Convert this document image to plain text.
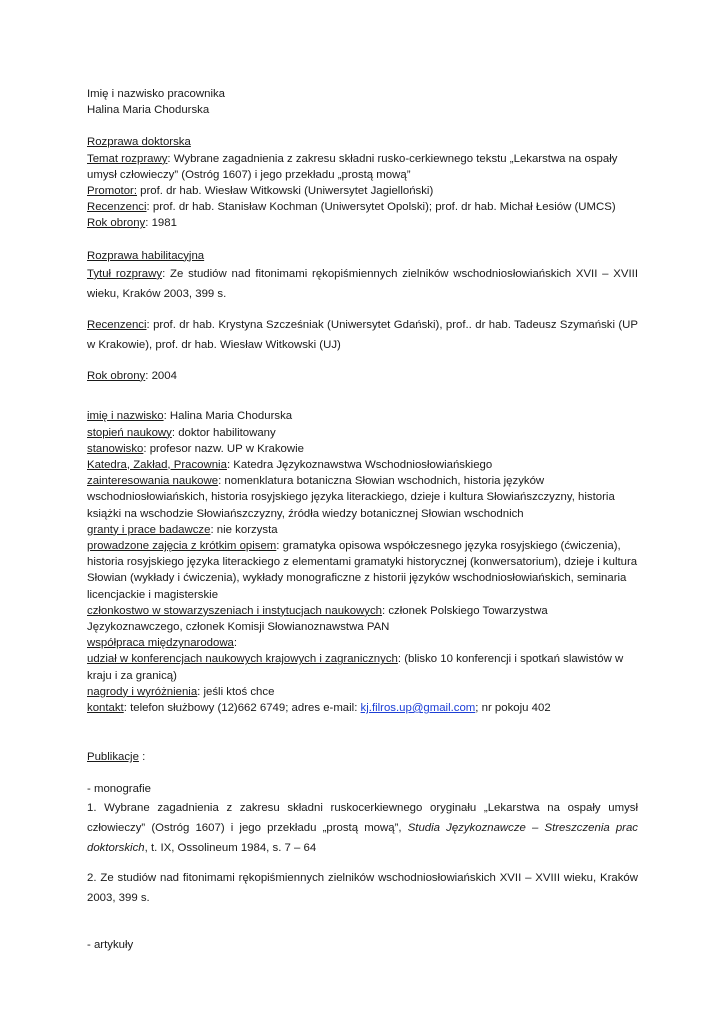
Imię i nazwisko pracownika
Halina Maria Chodurska
Rozprawa doktorska
Temat rozprawy: Wybrane zagadnienia z zakresu składni rusko-cerkiewnego tekstu „Lekarstwa na ospały umysł człowieczy” (Ostróg 1607) i jego przekładu „prostą mową”
Promotor: prof. dr hab. Wiesław Witkowski (Uniwersytet Jagielloński)
Recenzenci: prof. dr hab. Stanisław Kochman (Uniwersytet Opolski); prof. dr hab. Michał Łesiów (UMCS)
Rok obrony: 1981
Rozprawa habilitacyjna
Tytuł rozprawy: Ze studiów nad fitonimami rękopiśmiennych zielników wschodniosłowiańskich XVII – XVIII wieku, Kraków 2003, 399 s.
Recenzenci: prof. dr hab. Krystyna Szcześniak (Uniwersytet Gdański), prof.. dr hab. Tadeusz Szymański (UP w Krakowie), prof. dr hab. Wiesław Witkowski (UJ)
Rok obrony: 2004
imię i nazwisko: Halina Maria Chodurska
stopień naukowy: doktor habilitowany
stanowisko: profesor nazw. UP w Krakowie
Katedra, Zakład, Pracownia: Katedra Językoznawstwa Wschodniosłowiańskiego
zainteresowania naukowe: nomenklatura botaniczna Słowian wschodnich, historia języków wschodniosłowiańskich, historia rosyjskiego języka literackiego, dzieje i kultura Słowiańszczyzny, historia książki na wschodzie Słowiańszczyzny, źródła wiedzy botanicznej Słowian wschodnich
granty i prace badawcze: nie korzysta
prowadzone zajęcia z krótkim opisem: gramatyka opisowa współczesnego języka rosyjskiego (ćwiczenia), historia rosyjskiego języka literackiego z elementami gramatyki historycznej (konwersatorium), dzieje i kultura Słowian (wykłady i ćwiczenia), wykłady monograficzne z historii języków wschodniosłowiańskich, seminaria licencjackie i magisterskie
członkostwo w stowarzyszeniach i instytucjach naukowych: członek Polskiego Towarzystwa Językoznawczego, członek Komisji Słowianoznawstwa PAN
współpraca międzynarodowa:
udział w konferencjach naukowych krajowych i zagranicznych: (blisko 10 konferencji i spotkań slawistów w kraju i za granicą)
nagrody i wyróżnienia: jeśli ktoś chce
kontakt: telefon służbowy (12)662 6749; adres e-mail: kj.filros.up@gmail.com; nr pokoju 402
Publikacje :
- monografie
1. Wybrane zagadnienia z zakresu składni ruskocerkiewnego oryginału „Lekarstwa na ospały umysł człowieczy” (Ostróg 1607) i jego przekładu „prostą mową”, Studia Językoznawcze – Streszczenia prac doktorskich, t. IX, Ossolineum 1984, s. 7 – 64
2. Ze studiów nad fitonimami rękopiśmiennych zielników wschodniosłowiańskich XVII – XVIII wieku, Kraków 2003, 399 s.
- artykuły
